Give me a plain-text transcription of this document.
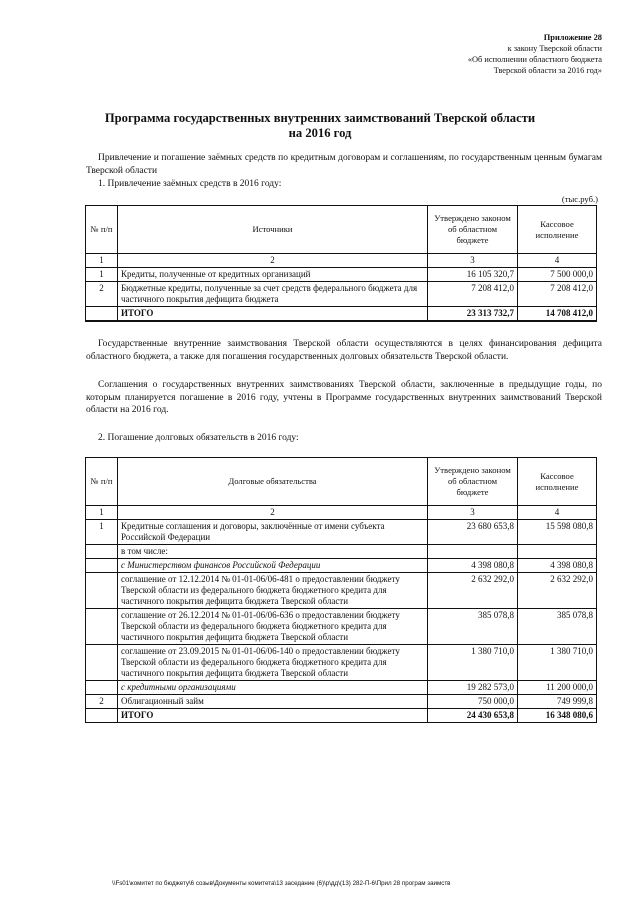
Приложение 28
к закону Тверской области
«Об исполнении областного бюджета
Тверской области за 2016 год»
Программа государственных внутренних заимствований Тверской области
на 2016 год
Привлечение и погашение заёмных средств по кредитным договорам и соглашениям, по государственным ценным бумагам Тверской области
1. Привлечение заёмных средств в 2016 году:
(тыс.руб.)
№ п/п	Источники	Утверждено законом об областном бюджете	Кассовое исполнение
1	2	3	4
1	Кредиты, полученные от кредитных организаций	16 105 320,7	7 500 000,0
2	Бюджетные кредиты, полученные за счет средств федерального бюджета для частичного покрытия дефицита бюджета	7 208 412,0	7 208 412,0
	ИТОГО	23 313 732,7	14 708 412,0
Государственные внутренние заимствования Тверской области осуществляются в целях финансирования дефицита областного бюджета, а также для погашения государственных долговых обязательств Тверской области.
Соглашения о государственных внутренних заимствованиях Тверской области, заключенные в предыдущие годы, по которым планируется погашение в 2016 году, учтены в Программе государственных внутренних заимствований Тверской области на 2016 год.
2. Погашение долговых обязательств в 2016 году:
№ п/п	Долговые обязательства	Утверждено законом об областном бюджете	Кассовое исполнение
1	2	3	4
1	Кредитные соглашения и договоры, заключённые от имени субъекта Российской Федерации	23 680 653,8	15 598 080,8
	в том числе:		
	с Министерством финансов Российской Федерации	4 398 080,8	4 398 080,8
	соглашение от 12.12.2014 № 01-01-06/06-481 о предоставлении бюджету Тверской области из федерального бюджета бюджетного кредита для частичного покрытия дефицита бюджета Тверской области	2 632 292,0	2 632 292,0
	соглашение от 26.12.2014 № 01-01-06/06-636 о предоставлении бюджету Тверской области из федерального бюджета бюджетного кредита для частичного покрытия дефицита бюджета Тверской области	385 078,8	385 078,8
	соглашение от 23.09.2015 № 01-01-06/06-140 о предоставлении бюджету Тверской области из федерального бюджета бюджетного кредита для частичного покрытия дефицита бюджета Тверской области	1 380 710,0	1 380 710,0
	с кредитными организациями	19 282 573,0	11 200 000,0
2	Облигационный займ	750 000,0	749 999,8
	ИТОГО	24 430 653,8	16 348 080,6
\\Fs01\комитет по бюджету\6 созыв\Документы комитета\13 заседание (6)\р\дд\(13) 282-П-6\Прил 28 програм заимств
